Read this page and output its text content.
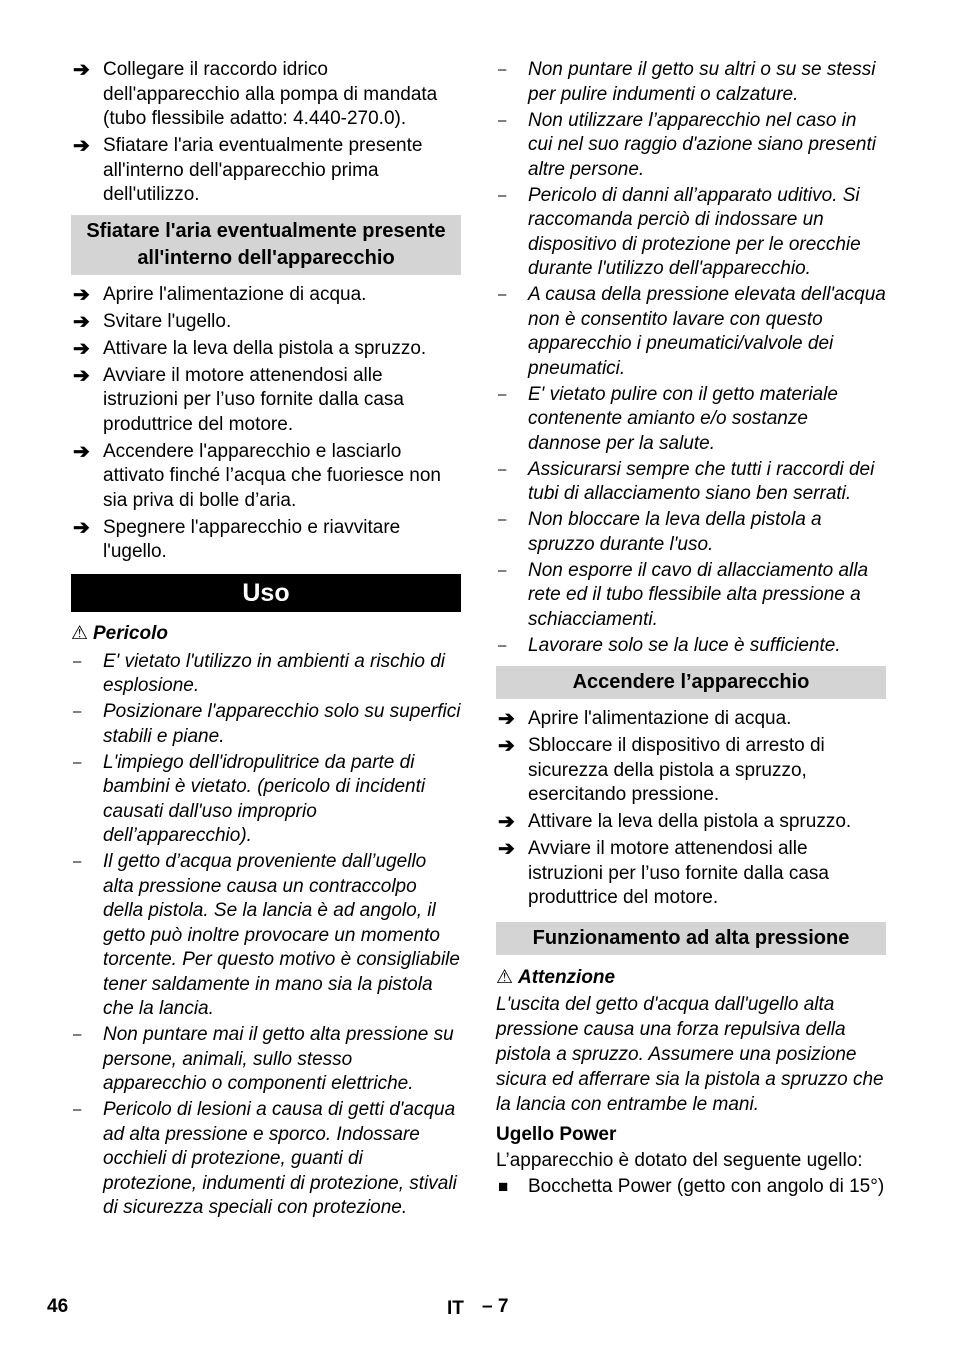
➔ Collegare il raccordo idrico dell'apparecchio alla pompa di mandata (tubo flessibile adatto: 4.440-270.0).
➔ Sfiatare l'aria eventualmente presente all'interno dell'apparecchio prima dell'utilizzo.
Sfiatare l'aria eventualmente presente all'interno dell'apparecchio
➔ Aprire l'alimentazione di acqua.
➔ Svitare l'ugello.
➔ Attivare la leva della pistola a spruzzo.
➔ Avviare il motore attenendosi alle istruzioni per l’uso fornite dalla casa produttrice del motore.
➔ Accendere l'apparecchio e lasciarlo attivato finché l’acqua che fuoriesce non sia priva di bolle d’aria.
➔ Spegnere l'apparecchio e riavvitare l'ugello.
Uso
⚠ Pericolo
– E' vietato l'utilizzo in ambienti a rischio di esplosione.
– Posizionare l'apparecchio solo su superfici stabili e piane.
– L'impiego dell'idropulitrice da parte di bambini è vietato. (pericolo di incidenti causati dall'uso improprio dell’apparecchio).
– Il getto d’acqua proveniente dall’ugello alta pressione causa un contraccolpo della pistola. Se la lancia è ad angolo, il getto può inoltre provocare un momento torcente. Per questo motivo è consigliabile tener saldamente in mano sia la pistola che la lancia.
– Non puntare mai il getto alta pressione su persone, animali, sullo stesso apparecchio o componenti elettriche.
– Pericolo di lesioni a causa di getti d'acqua ad alta pressione e sporco. Indossare occhieli di protezione, guanti di protezione, indumenti di protezione, stivali di sicurezza speciali con protezione.
– Non puntare il getto su altri o su se stessi per pulire indumenti o calzature.
– Non utilizzare l’apparecchio nel caso in cui nel suo raggio d'azione siano presenti altre persone.
– Pericolo di danni all’apparato uditivo. Si raccomanda perciò di indossare un dispositivo di protezione per le orecchie durante l'utilizzo dell'apparecchio.
– A causa della pressione elevata dell'acqua non è consentito lavare con questo apparecchio i pneumatici/valvole dei pneumatici.
– E' vietato pulire con il getto materiale contenente amianto e/o sostanze dannose per la salute.
– Assicurarsi sempre che tutti i raccordi dei tubi di allacciamento siano ben serrati.
– Non bloccare la leva della pistola a spruzzo durante l'uso.
– Non esporre il cavo di allacciamento alla rete ed il tubo flessibile alta pressione a schiacciamenti.
– Lavorare solo se la luce è sufficiente.
Accendere l’apparecchio
➔ Aprire l'alimentazione di acqua.
➔ Sbloccare il dispositivo di arresto di sicurezza della pistola a spruzzo, esercitando pressione.
➔ Attivare la leva della pistola a spruzzo.
➔ Avviare il motore attenendosi alle istruzioni per l’uso fornite dalla casa produttrice del motore.
Funzionamento ad alta pressione
⚠ Attenzione
L'uscita del getto d'acqua dall'ugello alta pressione causa una forza repulsiva della pistola a spruzzo. Assumere una posizione sicura ed afferrare sia la pistola a spruzzo che la lancia con entrambe le mani.
Ugello Power
L’apparecchio è dotato del seguente ugello:
■ Bocchetta Power (getto con angolo di 15°)
46	IT – 7
